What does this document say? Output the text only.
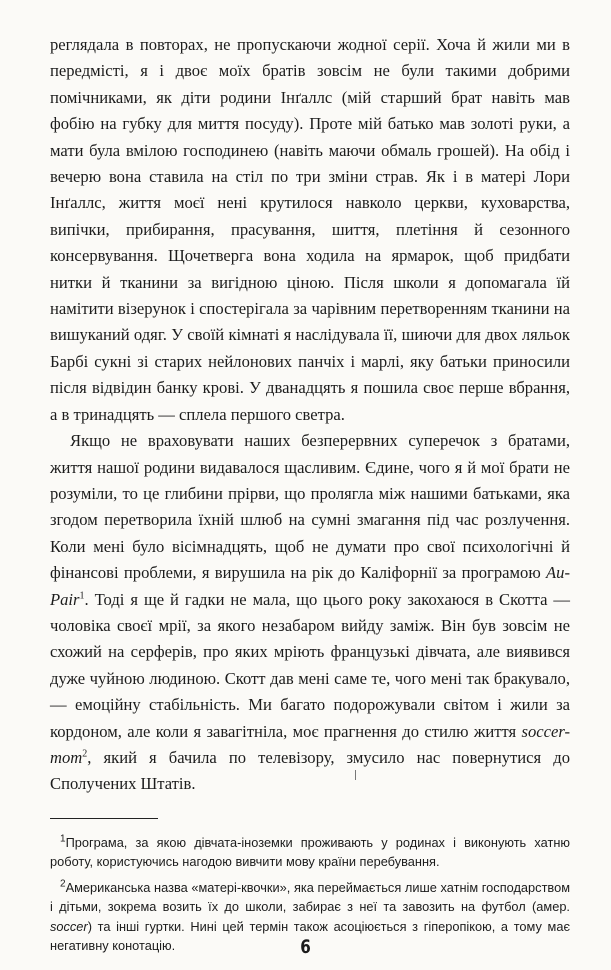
реглядала в повторах, не пропускаючи жодної серії. Хоча й жили ми в передмісті, я і двоє моїх братів зовсім не були такими добрими помічниками, як діти родини Інґаллс (мій старший брат навіть мав фобію на губку для миття посуду). Проте мій батько мав золоті руки, а мати була вмілою господинею (навіть маючи обмаль грошей). На обід і вечерю вона ставила на стіл по три зміни страв. Як і в матері Лори Інґаллс, життя моєї нені крутилося навколо церкви, куховарства, випічки, прибирання, прасування, шиття, плетіння й сезонного консервування. Щочетверга вона ходила на ярмарок, щоб придбати нитки й тканини за вигідною ціною. Після школи я допомагала їй намітити візерунок і спостерігала за чарівним перетворенням тканини на вишуканий одяг. У своїй кімнаті я наслідувала її, шиючи для двох ляльок Барбі сукні зі старих нейлонових панчіх і марлі, яку батьки приносили після відвідин банку крові. У дванадцять я пошила своє перше вбрання, а в тринадцять — сплела першого светра.

Якщо не враховувати наших безперервних суперечок з братами, життя нашої родини видавалося щасливим. Єдине, чого я й мої брати не розуміли, то це глибини прірви, що пролягла між нашими батьками, яка згодом перетворила їхній шлюб на сумні змагання під час розлучення. Коли мені було вісімнадцять, щоб не думати про свої психологічні й фінансові проблеми, я вирушила на рік до Каліфорнії за програмою Au-Pair$^1$. Тоді я ще й гадки не мала, що цього року закохаюся в Скотта — чоловіка своєї мрії, за якого незабаром вийду заміж. Він був зовсім не схожий на серферів, про яких мріють французькі дівчата, але виявився дуже чуйною людиною. Скотт дав мені саме те, чого мені так бракувало, — емоційну стабільність. Ми багато подорожували світом і жили за кордоном, але коли я завагітніла, моє прагнення до стилю життя soccer-mom$^2$, який я бачила по телевізору, змусило нас повернутися до Сполучених Штатів.

$^1$Програма, за якою дівчата-іноземки проживають у родинах і виконують хатню роботу, користуючись нагодою вивчити мову країни перебування.

$^2$Американська назва «матері-квочки», яка переймається лише хатнім господарством і дітьми, зокрема возить їх до школи, забирає з неї та завозить на футбол (амер. soccer) та інші гуртки. Нині цей термін також асоціюється з гіперопікою, а тому має негативну конотацію.	6
